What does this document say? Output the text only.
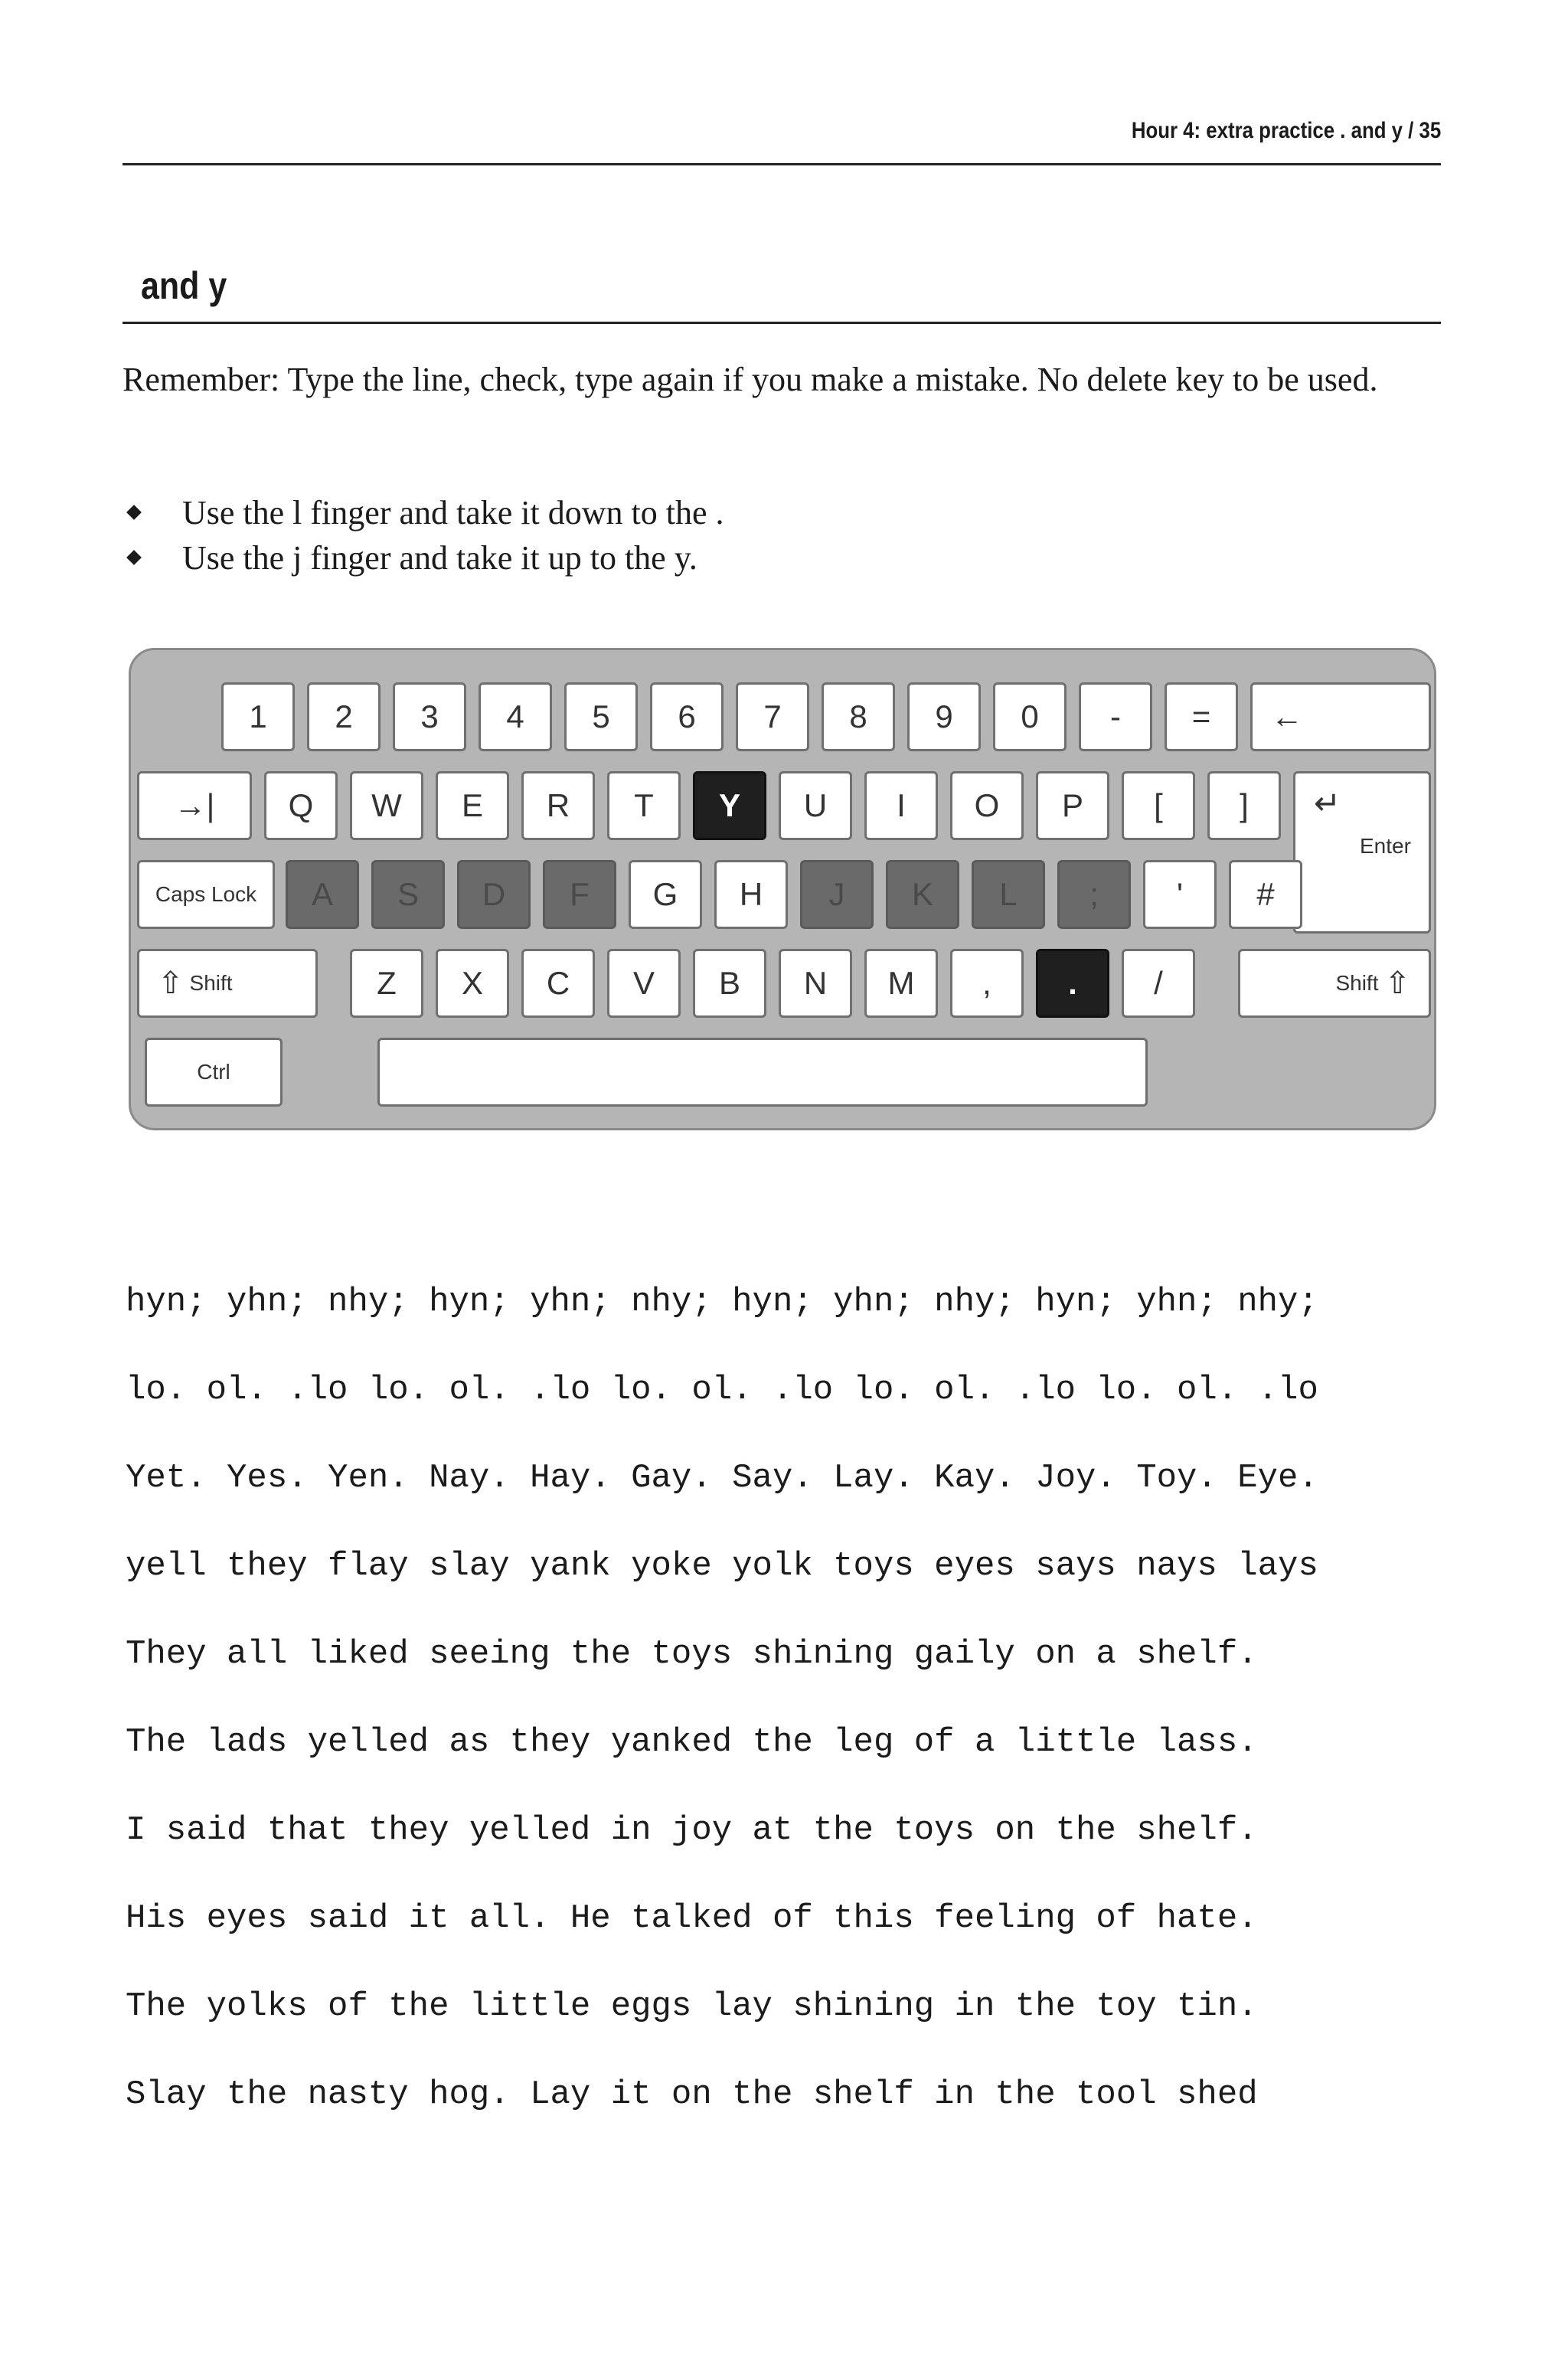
Hour 4: extra practice . and y / 35
and y

Remember: Type the line, check, type again if you make a mistake. No delete key to be used.

Use the l finger and take it down to the .
Use the j finger and take it up to the y.
1	2	3	4	5	6	7	8	9	0	-	=	←
→|	Q	W	E	R	T	Y	U	I	O	P	[	]	↵
Enter
Caps Lock	A	S	D	F	G	H	J	K	L	;	'	#
⇧ Shift	Z	X	C	V	B	N	M	,	.	/	Shift ⇧
Ctrl
hyn; yhn; nhy; hyn; yhn; nhy; hyn; yhn; nhy; hyn; yhn; nhy;
lo. ol. .lo lo. ol. .lo lo. ol. .lo lo. ol. .lo lo. ol. .lo
Yet. Yes. Yen. Nay. Hay. Gay. Say. Lay. Kay. Joy. Toy. Eye.
yell they flay slay yank yoke yolk toys eyes says nays lays
They all liked seeing the toys shining gaily on a shelf.
The lads yelled as they yanked the leg of a little lass.
I said that they yelled in joy at the toys on the shelf.
His eyes said it all. He talked of this feeling of hate.
The yolks of the little eggs lay shining in the toy tin.
Slay the nasty hog. Lay it on the shelf in the tool shed
